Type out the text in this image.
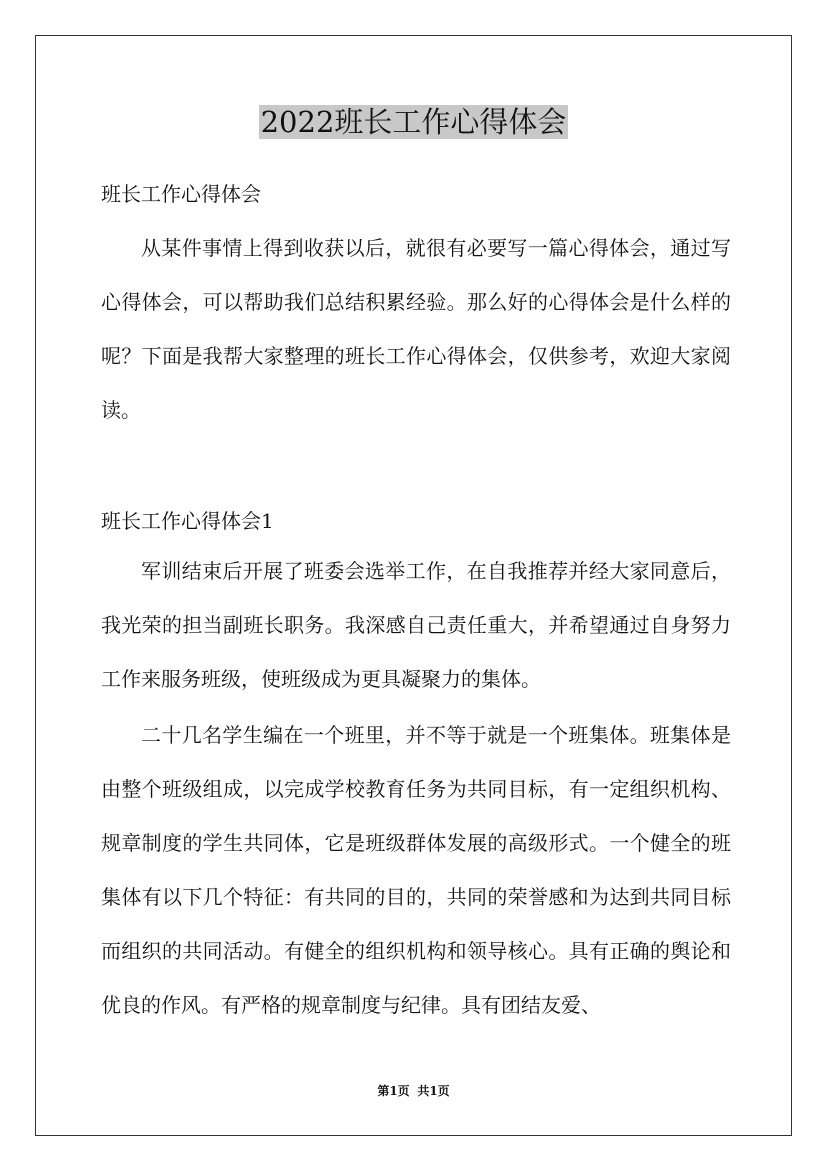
2022班长工作心得体会

班长工作心得体会

从某件事情上得到收获以后，就很有必要写一篇心得体会，通过写心得体会，可以帮助我们总结积累经验。那么好的心得体会是什么样的呢？下面是我帮大家整理的班长工作心得体会，仅供参考，欢迎大家阅读。

班长工作心得体会1

军训结束后开展了班委会选举工作，在自我推荐并经大家同意后，我光荣的担当副班长职务。我深感自己责任重大，并希望通过自身努力工作来服务班级，使班级成为更具凝聚力的集体。

二十几名学生编在一个班里，并不等于就是一个班集体。班集体是由整个班级组成，以完成学校教育任务为共同目标，有一定组织机构、规章制度的学生共同体，它是班级群体发展的高级形式。一个健全的班集体有以下几个特征：有共同的目的，共同的荣誉感和为达到共同目标而组织的共同活动。有健全的组织机构和领导核心。具有正确的舆论和优良的作风。有严格的规章制度与纪律。具有团结友爱、

第1页 共1页
